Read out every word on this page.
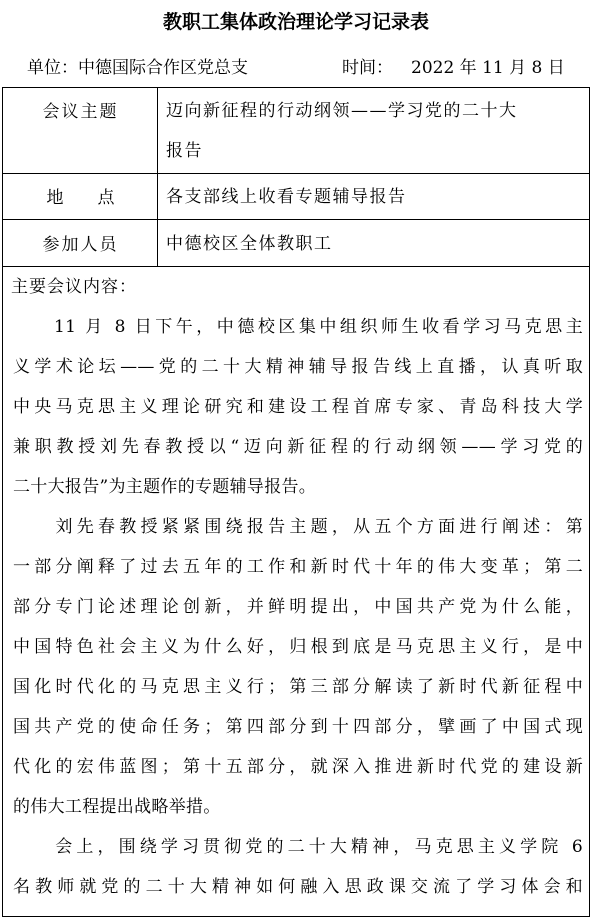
教职工集体政治理论学习记录表
单位：中德国际合作区党总支	时间： 2022 年 11 月 8 日
会议主题	迈向新征程的行动纲领——学习党的二十大
报告
地　　点	各支部线上收看专题辅导报告
参加人员	中德校区全体教职工
主要会议内容：
　　11 月 8 日下午，中德校区集中组织师生收看学习马克思主
义学术论坛——党的二十大精神辅导报告线上直播，认真听取
中央马克思主义理论研究和建设工程首席专家、青岛科技大学
兼职教授刘先春教授以“迈向新征程的行动纲领——学习党的
二十大报告”为主题作的专题辅导报告。
　　刘先春教授紧紧围绕报告主题，从五个方面进行阐述：第
一部分阐释了过去五年的工作和新时代十年的伟大变革；第二
部分专门论述理论创新，并鲜明提出，中国共产党为什么能，
中国特色社会主义为什么好，归根到底是马克思主义行，是中
国化时代化的马克思主义行；第三部分解读了新时代新征程中
国共产党的使命任务；第四部分到十四部分，擘画了中国式现
代化的宏伟蓝图；第十五部分，就深入推进新时代党的建设新
的伟大工程提出战略举措。
　　会上，围绕学习贯彻党的二十大精神，马克思主义学院 6
名教师就党的二十大精神如何融入思政课交流了学习体会和
